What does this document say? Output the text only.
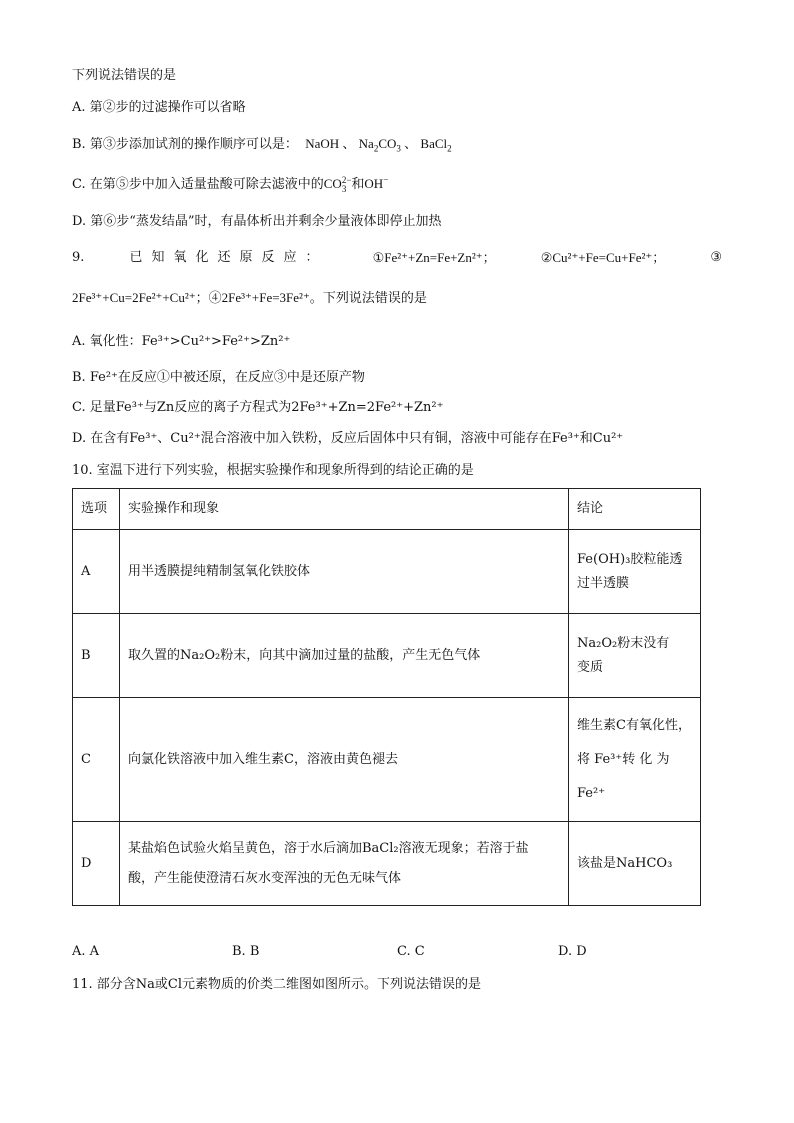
下列说法错误的是
A. 第②步的过滤操作可以省略
B. 第③步添加试剂的操作顺序可以是： NaOH 、 $Na_2CO_3$ 、 BaCl$_2$
C. 在第⑤步中加入适量盐酸可除去滤液中的CO 2−
3 和OH−
D. 第⑥步“蒸发结晶”时，有晶体析出并剩余少量液体即停止加热
9.	已知氧化还原反应：	①Fe²⁺+Zn=Fe+Zn²⁺；	②Cu²⁺+Fe=Cu+Fe²⁺；	③
2Fe³⁺+Cu=2Fe²⁺+Cu²⁺；④2Fe³⁺+Fe=3Fe²⁺。下列说法错误的是
A. 氧化性：Fe³⁺>Cu²⁺>Fe²⁺>Zn²⁺
B. Fe²⁺在反应①中被还原，在反应③中是还原产物
C. 足量Fe³⁺与Zn反应的离子方程式为2Fe³⁺+Zn=2Fe²⁺+Zn²⁺
D. 在含有Fe³⁺、Cu²⁺混合溶液中加入铁粉，反应后固体中只有铜，溶液中可能存在Fe³⁺和Cu²⁺
10. 室温下进行下列实验，根据实验操作和现象所得到的结论正确的是
选项	实验操作和现象	结论
A	用半透膜提纯精制氢氧化铁胶体	Fe(OH)₃胶粒能透
过半透膜

B	取久置的Na₂O₂粉末，向其中滴加过量的盐酸，产生无色气体	Na₂O₂粉末没有
变质

C	向氯化铁溶液中加入维生素C，溶液由黄色褪去	维生素C有氧化性，
将 Fe³⁺转 化 为
Fe²⁺

D	某盐焰色试验火焰呈黄色，溶于水后滴加BaCl₂溶液无现象；若溶于盐
酸，产生能使澄清石灰水变浑浊的无色无味气体	该盐是NaHCO₃
A. A	B. B	C. C	D. D
11. 部分含Na或Cl元素物质的价类二维图如图所示。下列说法错误的是
